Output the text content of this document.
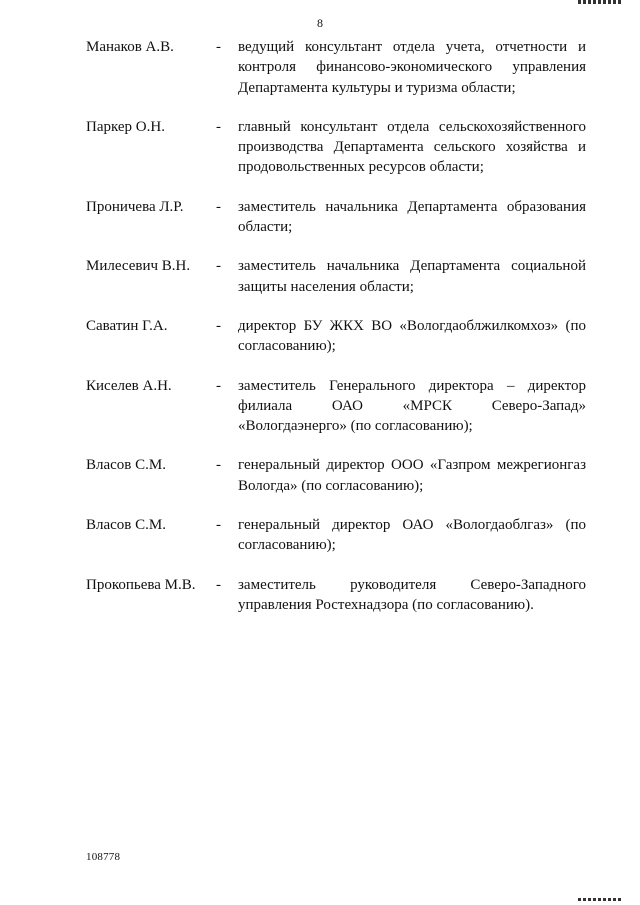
8
Манаков А.В.	-	ведущий консультант отдела учета, отчетности и контроля финансово-экономического управления Департамента культуры и туризма области;
Паркер О.Н.	-	главный консультант отдела сельскохозяйственного производства Департамента сельского хозяйства и продовольственных ресурсов области;
Проничева Л.Р.	-	заместитель начальника Департамента образования области;
Милесевич В.Н.	-	заместитель начальника Департамента социальной защиты населения области;
Саватин Г.А.	-	директор БУ ЖКХ ВО «Вологдаоблжилкомхоз» (по согласованию);
Киселев А.Н.	-	заместитель Генерального директора – директор филиала ОАО «МРСК Северо-Запад» «Вологдаэнерго» (по согласованию);
Власов С.М.	-	генеральный директор ООО «Газпром межрегионгаз Вологда» (по согласованию);
Власов С.М.	-	генеральный директор ОАО «Вологдаоблгаз» (по согласованию);
Прокопьева М.В.	-	заместитель руководителя Северо-Западного управления Ростехнадзора (по согласованию).
108778
